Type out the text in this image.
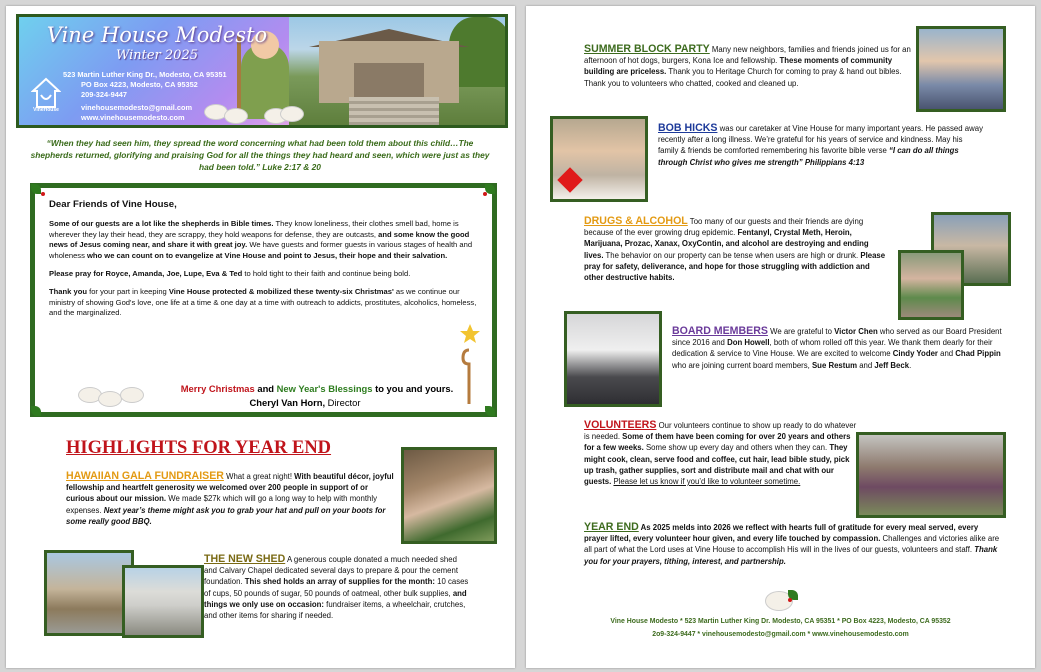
Vine House Modesto
Winter 2025
523 Martin Luther King Dr., Modesto, CA 95351
PO Box 4223, Modesto, CA 95352
209-324-9447
vinehousemodesto@gmail.com
www.vinehousemodesto.com
VineHouse
“When they had seen him, they spread the word concerning what had been told them about this child…The shepherds returned, glorifying and praising God for all the things they had heard and seen, which were just as they had been told.” Luke 2:17 & 20

Dear Friends of Vine House,

Some of our guests are a lot like the shepherds in Bible times. They know loneliness, their clothes smell bad, home is wherever they lay their head, they are scrappy, they hold weapons for defense, they are outcasts, and some know the good news of Jesus coming near, and share it with great joy. We have guests and former guests in various stages of health and wholeness who we can count on to evangelize at Vine House and point to Jesus, their hope and their salvation.

Please pray for Royce, Amanda, Joe, Lupe, Eva & Ted to hold tight to their faith and continue being bold.

Thank you for your part in keeping Vine House protected & mobilized these twenty-six Christmas' as we continue our ministry of showing God's love, one life at a time & one day at a time with outreach to addicts, prostitutes, alcoholics, homeless, and the marginalized.

Merry Christmas and New Year's Blessings to you and yours.
Cheryl Van Horn, Director
HIGHLIGHTS FOR YEAR END
HAWAIIAN GALA FUNDRAISER What a great night! With beautiful décor, joyful fellowship and heartfelt generosity we welcomed over 200 people in support of or curious about our mission. We made $27k which will go a long way to help with monthly expenses. Next year’s theme might ask you to grab your hat and pull on your boots for some really good BBQ.
THE NEW SHED A generous couple donated a much needed shed and Calvary Chapel dedicated several days to prepare & pour the cement foundation. This shed holds an array of supplies for the month: 10 cases of cups, 50 pounds of sugar, 50 pounds of oatmeal, other bulk supplies, and things we only use on occasion: fundraiser items, a wheelchair, crutches, and other items for sharing if needed.
SUMMER BLOCK PARTY Many new neighbors, families and friends joined us for an afternoon of hot dogs, burgers, Kona Ice and fellowship. These moments of community building are priceless. Thank you to Heritage Church for coming to pray & hand out bibles. Thank you to volunteers who chatted, cooked and cleaned up.
BOB HICKS was our caretaker at Vine House for many important years. He passed away recently after a long illness. We’re grateful for his years of service and kindness. May his family & friends be comforted remembering his favorite bible verse “I can do all things through Christ who gives me strength” Philippians 4:13
DRUGS & ALCOHOL Too many of our guests and their friends are dying because of the ever growing drug epidemic. Fentanyl, Crystal Meth, Heroin, Marijuana, Prozac, Xanax, OxyContin, and alcohol are destroying and ending lives. The behavior on our property can be tense when users are high or drunk. Please pray for safety, deliverance, and hope for those struggling with addiction and other destructive habits.
BOARD MEMBERS We are grateful to Victor Chen who served as our Board President since 2016 and Don Howell, both of whom rolled off this year. We thank them dearly for their dedication & service to Vine House. We are excited to welcome Cindy Yoder and Chad Pippin who are joining current board members, Sue Restum and Jeff Beck.
VOLUNTEERS Our volunteers continue to show up ready to do whatever is needed. Some of them have been coming for over 20 years and others for a few weeks. Some show up every day and others when they can. They might cook, clean, serve food and coffee, cut hair, lead bible study, pick up trash, gather supplies, sort and distribute mail and chat with our guests. Please let us know if you’d like to volunteer sometime.
YEAR END As 2025 melds into 2026 we reflect with hearts full of gratitude for every meal served, every prayer lifted, every volunteer hour given, and every life touched by compassion. Challenges and victories alike are all part of what the Lord uses at Vine House to accomplish His will in the lives of our guests, volunteers and staff. Thank you for your prayers, tithing, interest, and partnership.
Vine House Modesto * 523 Martin Luther King Dr. Modesto, CA 95351 * PO Box 4223, Modesto, CA 95352
2o9-324-9447 * vinehousemodesto@gmail.com * www.vinehousemodesto.com
